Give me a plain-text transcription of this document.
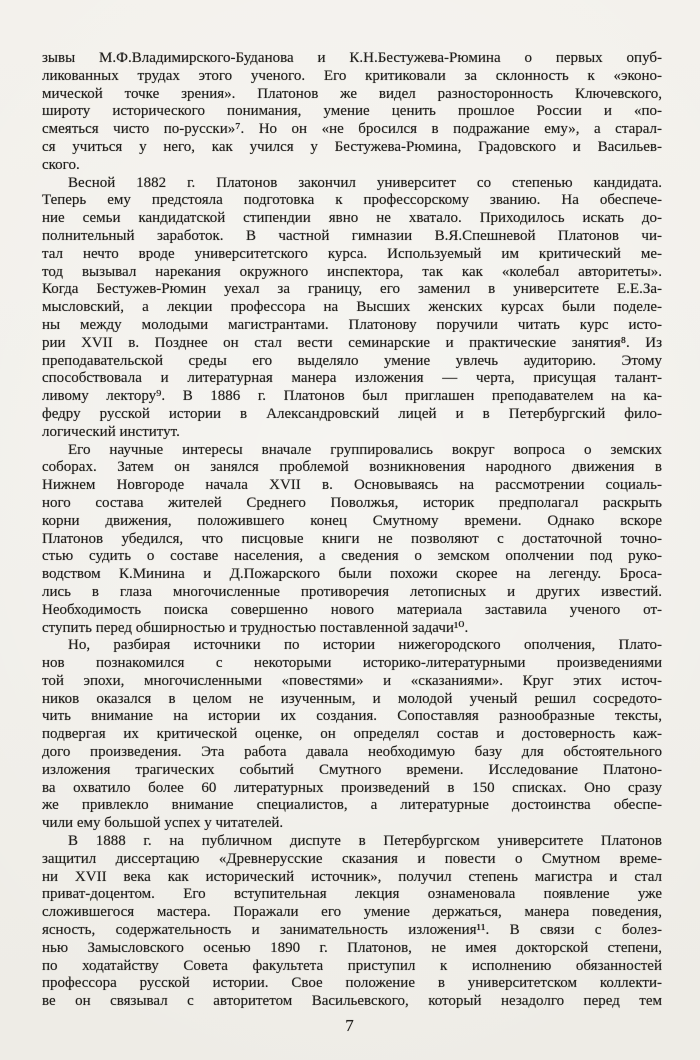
зывы М.Ф.Владимирского-Буданова и К.Н.Бестужева-Рюмина о первых опуб-
ликованных трудах этого ученого. Его критиковали за склонность к «эконо-
мической точке зрения». Платонов же видел разносторонность Ключевского,
широту исторического понимания, умение ценить прошлое России и «по-
смеяться чисто по-русски»⁷. Но он «не бросился в подражание ему», а старал-
ся учиться у него, как учился у Бестужева-Рюмина, Градовского и Васильев-
ского.
Весной 1882 г. Платонов закончил университет со степенью кандидата.
Теперь ему предстояла подготовка к профессорскому званию. На обеспече-
ние семьи кандидатской стипендии явно не хватало. Приходилось искать до-
полнительный заработок. В частной гимназии В.Я.Спешневой Платонов чи-
тал нечто вроде университетского курса. Используемый им критический ме-
тод вызывал нарекания окружного инспектора, так как «колебал авторитеты».
Когда Бестужев-Рюмин уехал за границу, его заменил в университете Е.Е.За-
мысловский, а лекции профессора на Высших женских курсах были поделе-
ны между молодыми магистрантами. Платонову поручили читать курс исто-
рии XVII в. Позднее он стал вести семинарские и практические занятия⁸. Из
преподавательской среды его выделяло умение увлечь аудиторию. Этому
способствовала и литературная манера изложения — черта, присущая талант-
ливому лектору⁹. В 1886 г. Платонов был приглашен преподавателем на ка-
федру русской истории в Александровский лицей и в Петербургский фило-
логический институт.
Его научные интересы вначале группировались вокруг вопроса о земских
соборах. Затем он занялся проблемой возникновения народного движения в
Нижнем Новгороде начала XVII в. Основываясь на рассмотрении социаль-
ного состава жителей Среднего Поволжья, историк предполагал раскрыть
корни движения, положившего конец Смутному времени. Однако вскоре
Платонов убедился, что писцовые книги не позволяют с достаточной точно-
стью судить о составе населения, а сведения о земском ополчении под руко-
водством К.Минина и Д.Пожарского были похожи скорее на легенду. Броса-
лись в глаза многочисленные противоречия летописных и других известий.
Необходимость поиска совершенно нового материала заставила ученого от-
ступить перед обширностью и трудностью поставленной задачи¹⁰.
Но, разбирая источники по истории нижегородского ополчения, Плато-
нов познакомился с некоторыми историко-литературными произведениями
той эпохи, многочисленными «повестями» и «сказаниями». Круг этих источ-
ников оказался в целом не изученным, и молодой ученый решил сосредото-
чить внимание на истории их создания. Сопоставляя разнообразные тексты,
подвергая их критической оценке, он определял состав и достоверность каж-
дого произведения. Эта работа давала необходимую базу для обстоятельного
изложения трагических событий Смутного времени. Исследование Платоно-
ва охватило более 60 литературных произведений в 150 списках. Оно сразу
же привлекло внимание специалистов, а литературные достоинства обеспе-
чили ему большой успех у читателей.
В 1888 г. на публичном диспуте в Петербургском университете Платонов
защитил диссертацию «Древнерусские сказания и повести о Смутном време-
ни XVII века как исторический источник», получил степень магистра и стал
приват-доцентом. Его вступительная лекция ознаменовала появление уже
сложившегося мастера. Поражали его умение держаться, манера поведения,
ясность, содержательность и занимательность изложения¹¹. В связи с болез-
нью Замысловского осенью 1890 г. Платонов, не имея докторской степени,
по ходатайству Совета факультета приступил к исполнению обязанностей
профессора русской истории. Свое положение в университетском коллекти-
ве он связывал с авторитетом Васильевского, который незадолго перед тем
7
